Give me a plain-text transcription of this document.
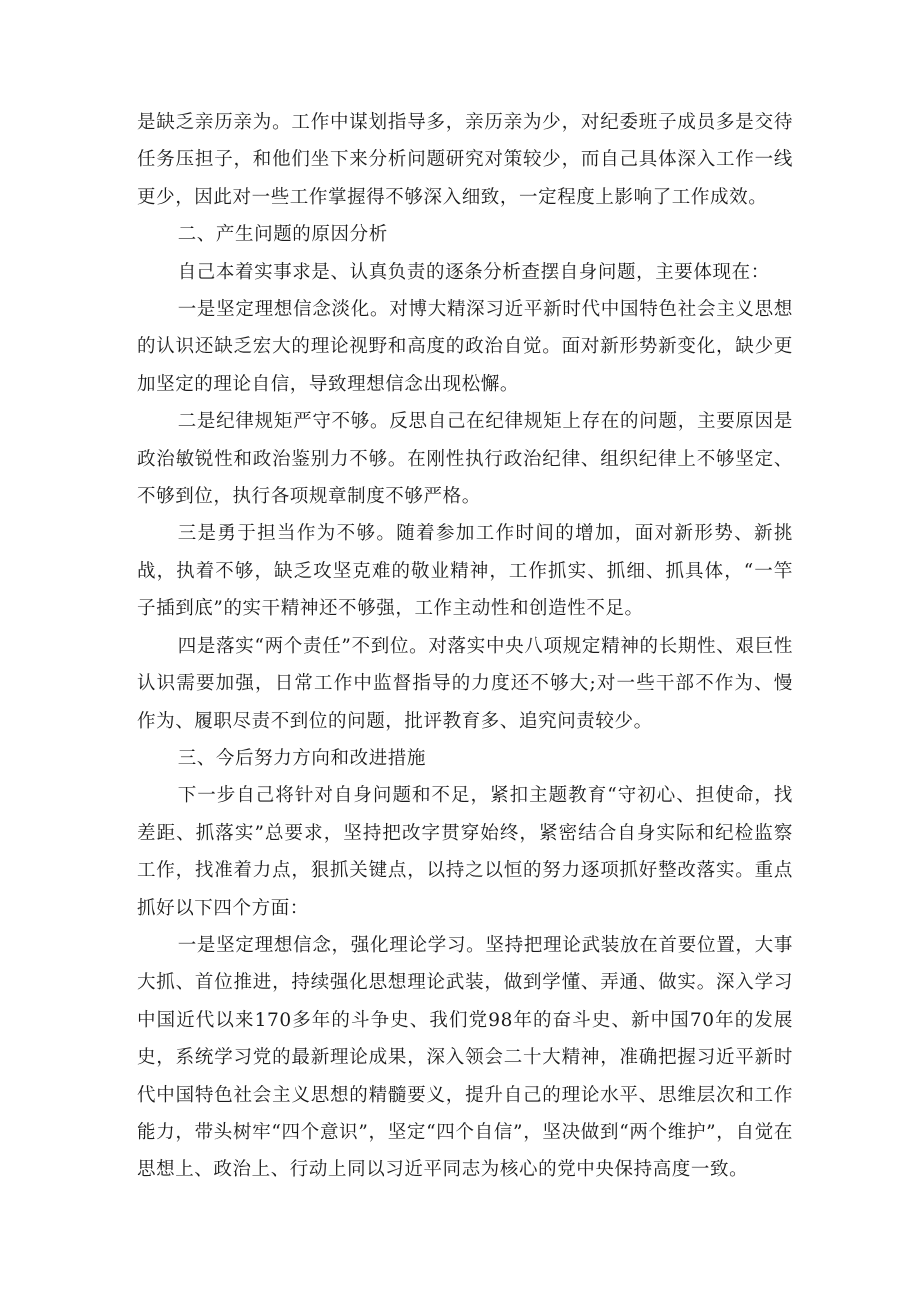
是缺乏亲历亲为。工作中谋划指导多，亲历亲为少，对纪委班子成员多是交待任务压担子，和他们坐下来分析问题研究对策较少，而自己具体深入工作一线更少，因此对一些工作掌握得不够深入细致，一定程度上影响了工作成效。

二、产生问题的原因分析

自己本着实事求是、认真负责的逐条分析查摆自身问题，主要体现在：

一是坚定理想信念淡化。对博大精深习近平新时代中国特色社会主义思想的认识还缺乏宏大的理论视野和高度的政治自觉。面对新形势新变化，缺少更加坚定的理论自信，导致理想信念出现松懈。

二是纪律规矩严守不够。反思自己在纪律规矩上存在的问题，主要原因是政治敏锐性和政治鉴别力不够。在刚性执行政治纪律、组织纪律上不够坚定、不够到位，执行各项规章制度不够严格。

三是勇于担当作为不够。随着参加工作时间的增加，面对新形势、新挑战，执着不够，缺乏攻坚克难的敬业精神，工作抓实、抓细、抓具体，“一竿子插到底”的实干精神还不够强，工作主动性和创造性不足。

四是落实“两个责任”不到位。对落实中央八项规定精神的长期性、艰巨性认识需要加强，日常工作中监督指导的力度还不够大;对一些干部不作为、慢作为、履职尽责不到位的问题，批评教育多、追究问责较少。

三、今后努力方向和改进措施

下一步自己将针对自身问题和不足，紧扣主题教育“守初心、担使命，找差距、抓落实”总要求，坚持把改字贯穿始终，紧密结合自身实际和纪检监察工作，找准着力点，狠抓关键点，以持之以恒的努力逐项抓好整改落实。重点抓好以下四个方面：

一是坚定理想信念，强化理论学习。坚持把理论武装放在首要位置，大事大抓、首位推进，持续强化思想理论武装，做到学懂、弄通、做实。深入学习中国近代以来170多年的斗争史、我们党98年的奋斗史、新中国70年的发展史，系统学习党的最新理论成果，深入领会二十大精神，准确把握习近平新时代中国特色社会主义思想的精髓要义，提升自己的理论水平、思维层次和工作能力，带头树牢“四个意识”，坚定“四个自信”，坚决做到“两个维护”，自觉在思想上、政治上、行动上同以习近平同志为核心的党中央保持高度一致。
